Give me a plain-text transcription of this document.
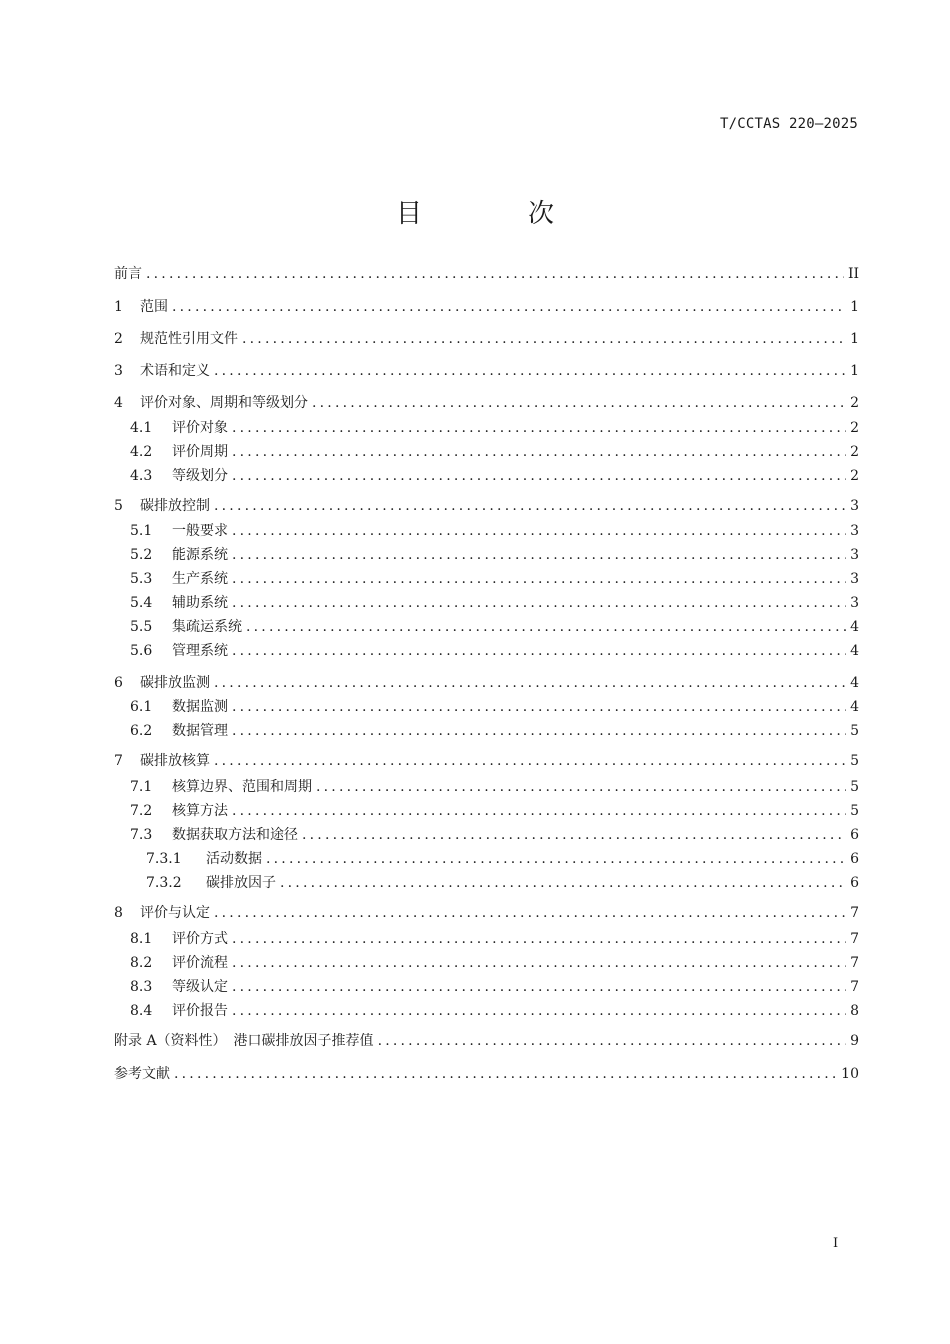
T/CCTAS 220—2025
目　次
前言 .....	II
1	范围 .....	1
2	规范性引用文件 .....	1
3	术语和定义 .....	1
4	评价对象、周期和等级划分 .....	2
4.1	评价对象 .....	2
4.2	评价周期 .....	2
4.3	等级划分 .....	2
5	碳排放控制 .....	3
5.1	一般要求 .....	3
5.2	能源系统 .....	3
5.3	生产系统 .....	3
5.4	辅助系统 .....	3
5.5	集疏运系统 .....	4
5.6	管理系统 .....	4
6	碳排放监测 .....	4
6.1	数据监测 .....	4
6.2	数据管理 .....	5
7	碳排放核算 .....	5
7.1	核算边界、范围和周期 .....	5
7.2	核算方法 .....	5
7.3	数据获取方法和途径 .....	6
7.3.1	活动数据 .....	6
7.3.2	碳排放因子 .....	6
8	评价与认定 .....	7
8.1	评价方式 .....	7
8.2	评价流程 .....	7
8.3	等级认定 .....	7
8.4	评价报告 .....	8
附录 A（资料性）　港口碳排放因子推荐值 .....	9
参考文献 .....	10
I
